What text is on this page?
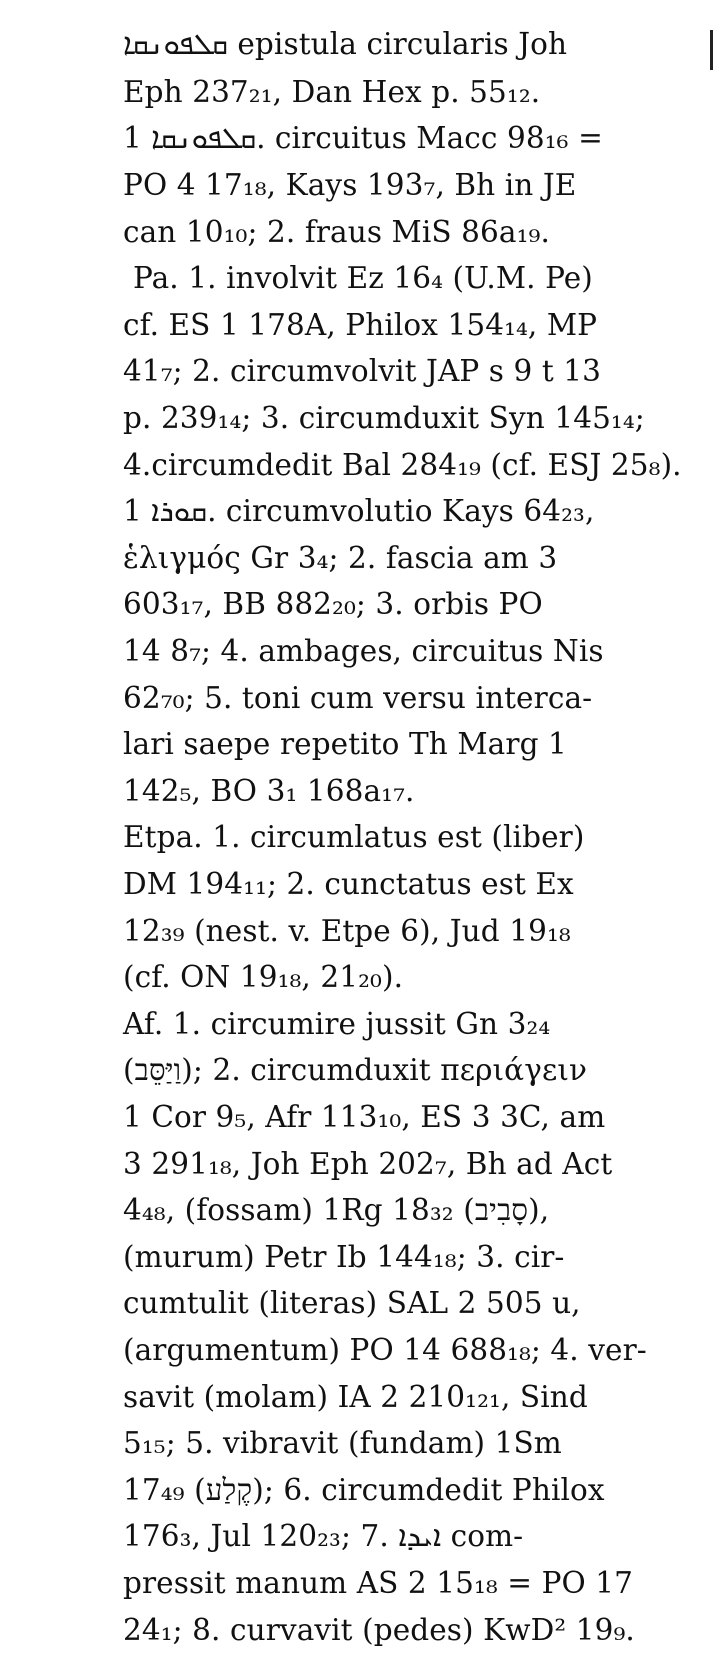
ܩܠܦܘܢܩܐ epistula circularis Joh
Eph 237₂₁, Dan Hex p. 55₁₂.
ܩܠܦܘܢܩܐ 1. circuitus Macc 98₁₆ =
PO 4 17₁₈, Kays 193₇, Bh in JE
can 10₁₀; 2. fraus MiS 86a₁₉.
Pa. 1. involvit Ez 16₄ (U.M. Pe)
cf. ES 1 178A, Philox 154₁₄, MP
41₇; 2. circumvolvit JAP s 9 t 13
p. 239₁₄; 3. circumduxit Syn 145₁₄;
4.circumdedit Bal 284₁₉ (cf. ESJ 25₈).
ܩܘܪܐ 1. circumvolutio Kays 64₂₃,
ἑλιγμός Gr 3₄; 2. fascia am 3
603₁₇, BB 882₂₀; 3. orbis PO
14 8₇; 4. ambages, circuitus Nis
62₇₀; 5. toni cum versu interca-
lari saepe repetito Th Marg 1
142₅, BO 3₁ 168a₁₇.
Etpa. 1. circumlatus est (liber)
DM 194₁₁; 2. cunctatus est Ex
12₃₉ (nest. v. Etpe 6), Jud 19₁₈
(cf. ON 19₁₈, 21₂₀).
Af. 1. circumire jussit Gn 3₂₄
(וַיַּסֵּב); 2. circumduxit περιάγειν
1 Cor 9₅, Afr 113₁₀, ES 3 3C, am
3 291₁₈, Joh Eph 202₇, Bh ad Act
4₄₈, (fossam) 1Rg 18₃₂ (סָבִיב),
(murum) Petr Ib 144₁₈; 3. cir-
cumtulit (literas) SAL 2 505 u,
(argumentum) PO 14 688₁₈; 4. ver-
savit (molam) IA 2 210₁₂₁, Sind
5₁₅; 5. vibravit (fundam) 1Sm
17₄₉ (קֶלַע); 6. circumdedit Philox
176₃, Jul 120₂₃; 7. ܐܝܕܐ com-
pressit manum AS 2 15₁₈ = PO 17
24₁; 8. curvavit (pedes) KwD² 19₉.
